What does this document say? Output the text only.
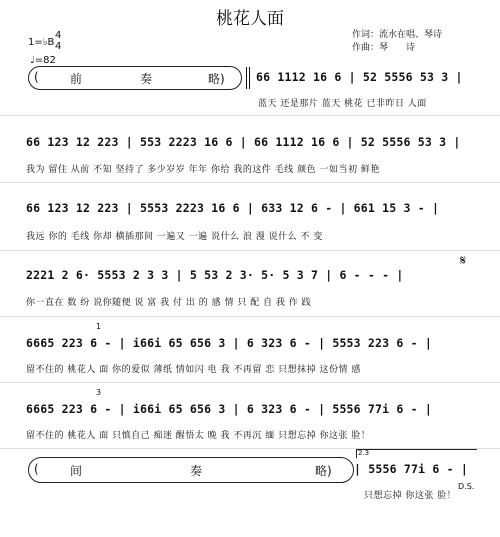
桃花人面
作词：流水在唱、琴诗
作曲：琴　　诗
1=♭B
4
4
♩=82
(	前	奏	略)	66 1112 16 6 | 52 5556 53 3 |
蓝天 还是那片 蓝天 桃花 已非昨日 人面
66 123 12 223 | 553 2223 16 6 | 66 1112 16 6 | 52 5556 53 3 |
我为 留住 从前 不知 坚持了 多少岁岁 年年 你给 我的这件 毛线 颜色 一如当初 鲜艳
66 123 12 223 | 5553 2223 16 6 | 633 12 6 - | 661 15 3 - |
我远 你的 毛线 你却 横插那间 一遍又 一遍 说什么 浪 漫 说什么 不 变
𝄋
2221 2 6· 5553 2 3 3 | 5 53 2 3· 5· 5 3 7 | 6 - - - |
你一直在 数 纷 说你随便 说 富 我 付 出 的 感 情 只 配 自 我 作 践
1
6665 223 6 - | i66i 65 656 3 | 6 323 6 - | 5553 223 6 - |
留不住的 桃花人 面 你的爱似 薄纸 情如闪 电 我 不再留 恋 只想抹掉 这份情 感
3
6665 223 6 - | i66i 65 656 3 | 6 323 6 - | 5556 77i 6 - |
留不住的 桃花人 面 只慎自己 痴迷 醒悟太 晚 我 不再沉 缅 只想忘掉 你这张 脸！
(	间	奏	略)
2.3
| 5556 77i 6 - |
只想忘掉 你这张 脸！
D.S.
